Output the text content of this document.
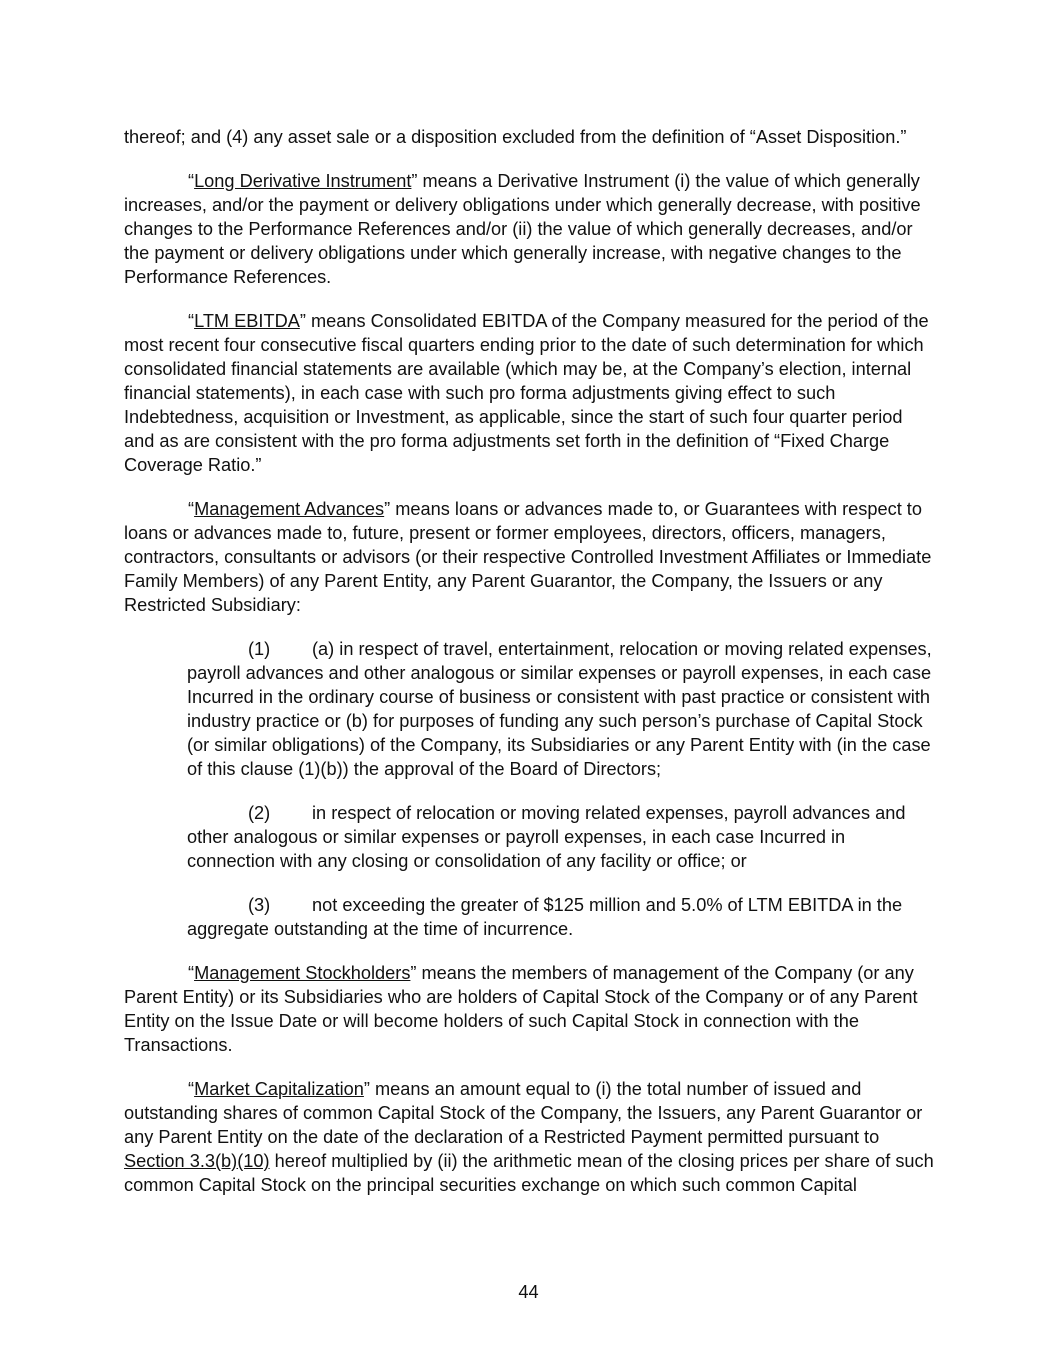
thereof; and (4) any asset sale or a disposition excluded from the definition of “Asset Disposition.”

“Long Derivative Instrument” means a Derivative Instrument (i) the value of which generally increases, and/or the payment or delivery obligations under which generally decrease, with positive changes to the Performance References and/or (ii) the value of which generally decreases, and/or the payment or delivery obligations under which generally increase, with negative changes to the Performance References.

“LTM EBITDA” means Consolidated EBITDA of the Company measured for the period of the most recent four consecutive fiscal quarters ending prior to the date of such determination for which consolidated financial statements are available (which may be, at the Company’s election, internal financial statements), in each case with such pro forma adjustments giving effect to such Indebtedness, acquisition or Investment, as applicable, since the start of such four quarter period and as are consistent with the pro forma adjustments set forth in the definition of “Fixed Charge Coverage Ratio.”

“Management Advances” means loans or advances made to, or Guarantees with respect to loans or advances made to, future, present or former employees, directors, officers, managers, contractors, consultants or advisors (or their respective Controlled Investment Affiliates or Immediate Family Members) of any Parent Entity, any Parent Guarantor, the Company, the Issuers or any Restricted Subsidiary:

(1) (a) in respect of travel, entertainment, relocation or moving related expenses, payroll advances and other analogous or similar expenses or payroll expenses, in each case Incurred in the ordinary course of business or consistent with past practice or consistent with industry practice or (b) for purposes of funding any such person’s purchase of Capital Stock (or similar obligations) of the Company, its Subsidiaries or any Parent Entity with (in the case of this clause (1)(b)) the approval of the Board of Directors;

(2) in respect of relocation or moving related expenses, payroll advances and other analogous or similar expenses or payroll expenses, in each case Incurred in connection with any closing or consolidation of any facility or office; or

(3) not exceeding the greater of $125 million and 5.0% of LTM EBITDA in the aggregate outstanding at the time of incurrence.

“Management Stockholders” means the members of management of the Company (or any Parent Entity) or its Subsidiaries who are holders of Capital Stock of the Company or of any Parent Entity on the Issue Date or will become holders of such Capital Stock in connection with the Transactions.

“Market Capitalization” means an amount equal to (i) the total number of issued and outstanding shares of common Capital Stock of the Company, the Issuers, any Parent Guarantor or any Parent Entity on the date of the declaration of a Restricted Payment permitted pursuant to Section 3.3(b)(10) hereof multiplied by (ii) the arithmetic mean of the closing prices per share of such common Capital Stock on the principal securities exchange on which such common Capital

44
